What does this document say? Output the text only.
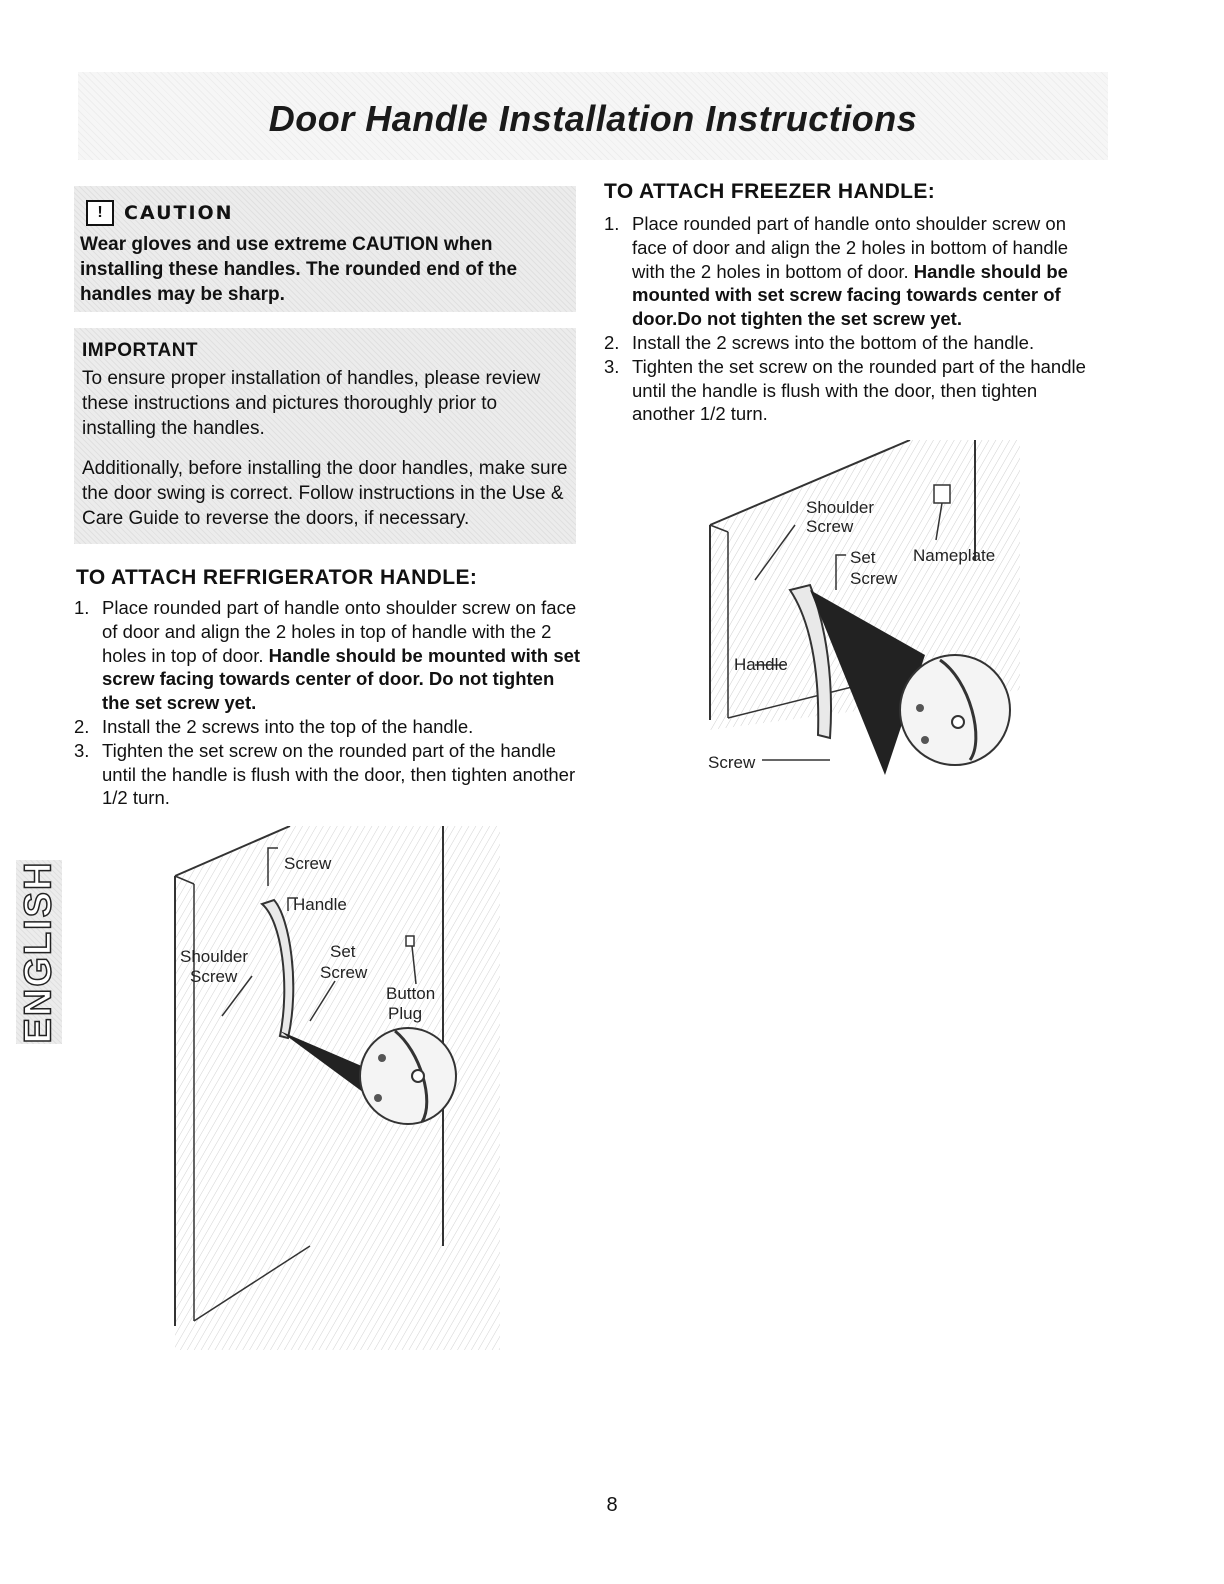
Door Handle Installation Instructions
!	CAUTION

Wear gloves and use extreme CAUTION when installing these handles. The rounded end of the handles may be sharp.

IMPORTANT

To ensure proper installation of handles, please review these instructions and pictures thoroughly prior to installing the handles.

Additionally, before installing the door handles, make sure the door swing is correct. Follow instructions in the Use & Care Guide to reverse the doors, if necessary.

TO ATTACH REFRIGERATOR HANDLE:
1. Place rounded part of handle onto shoulder screw on face of door and align the 2 holes in top of handle with the 2 holes in top of door. Handle should be mounted with set screw facing towards center of door. Do not tighten the set screw yet.
2. Install the 2 screws into the top of the handle.
3. Tighten the set screw on the rounded part of the handle until the handle is flush with the door, then tighten another 1/2 turn.
TO ATTACH FREEZER HANDLE:
1. Place rounded part of handle onto shoulder screw on face of door and align the 2 holes in bottom of handle with the 2 holes in bottom of door. Handle should be mounted with set screw facing towards center of door.Do not tighten the set screw yet.
2. Install the 2 screws into the bottom of the handle.
3. Tighten the set screw on the rounded part of the handle until the handle is flush with the door, then tighten another 1/2 turn.
Shoulder
Screw
Set
Screw
Nameplate
Handle
Screw
Screw
Handle
Shoulder
Screw
Set
Screw
Button
Plug
ENGLISH

8
